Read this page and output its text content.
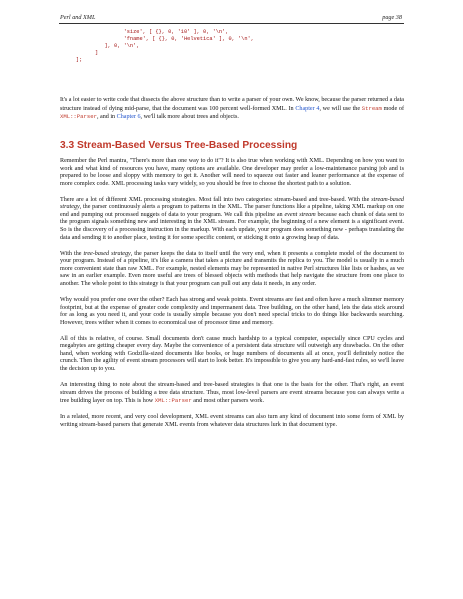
Perl and XML	page 38
'size', [ {}, 0, '10' ], 0, '\n',
'fname', [ {}, 0, 'Helvetica' ], 0, '\n',
], 0, '\n',
]
];

It's a lot easier to write code that dissects the above structure than to write a parser of your own. We know, because the parser returned a data structure instead of dying mid-parse, that the document was 100 percent well-formed XML. In Chapter 4, we will use the Stream mode of XML::Parser, and in Chapter 6, we'll talk more about trees and objects.

3.3 Stream-Based Versus Tree-Based Processing

Remember the Perl mantra, "There's more than one way to do it"? It is also true when working with XML. Depending on how you want to work and what kind of resources you have, many options are available. One developer may prefer a low-maintenance parsing job and is prepared to be loose and sloppy with memory to get it. Another will need to squeeze out faster and leaner performance at the expense of more complex code. XML processing tasks vary widely, so you should be free to choose the shortest path to a solution.

There are a lot of different XML processing strategies. Most fall into two categories: stream-based and tree-based. With the stream-based strategy, the parser continuously alerts a program to patterns in the XML. The parser functions like a pipeline, taking XML markup on one end and pumping out processed nuggets of data to your program. We call this pipeline an event stream because each chunk of data sent to the program signals something new and interesting in the XML stream. For example, the beginning of a new element is a significant event. So is the discovery of a processing instruction in the markup. With each update, your program does something new - perhaps translating the data and sending it to another place, testing it for some specific content, or sticking it onto a growing heap of data.

With the tree-based strategy, the parser keeps the data to itself until the very end, when it presents a complete model of the document to your program. Instead of a pipeline, it's like a camera that takes a picture and transmits the replica to you. The model is usually in a much more convenient state than raw XML. For example, nested elements may be represented in native Perl structures like lists or hashes, as we saw in an earlier example. Even more useful are trees of blessed objects with methods that help navigate the structure from one place to another. The whole point to this strategy is that your program can pull out any data it needs, in any order.

Why would you prefer one over the other? Each has strong and weak points. Event streams are fast and often have a much slimmer memory footprint, but at the expense of greater code complexity and impermanent data. Tree building, on the other hand, lets the data stick around for as long as you need it, and your code is usually simple because you don't need special tricks to do things like backwards searching. However, trees wither when it comes to economical use of processor time and memory.

All of this is relative, of course. Small documents don't cause much hardship to a typical computer, especially since CPU cycles and megabytes are getting cheaper every day. Maybe the convenience of a persistent data structure will outweigh any drawbacks. On the other hand, when working with Godzilla-sized documents like books, or huge numbers of documents all at once, you'll definitely notice the crunch. Then the agility of event stream processors will start to look better. It's impossible to give you any hard-and-fast rules, so we'll leave the decision up to you.

An interesting thing to note about the stream-based and tree-based strategies is that one is the basis for the other. That's right, an event stream drives the process of building a tree data structure. Thus, most low-level parsers are event streams because you can always write a tree building layer on top. This is how XML::Parser and most other parsers work.

In a related, more recent, and very cool development, XML event streams can also turn any kind of document into some form of XML by writing stream-based parsers that generate XML events from whatever data structures lurk in that document type.
